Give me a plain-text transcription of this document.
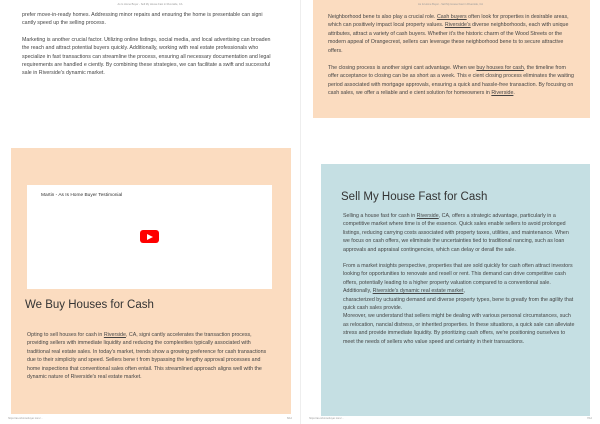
As Is Home Buyer - Sell My House Fast in Riverside, CA

prefer move-in-ready homes. Addressing minor repairs and ensuring the home is presentable can signi cantly speed up the selling process.

Marketing is another crucial factor. Utilizing online listings, social media, and local advertising can broaden the reach and attract potential buyers quickly. Additionally, working with real estate professionals who specialize in fast transactions can streamline the process, ensuring all necessary documentation and legal requirements are handled e ciently. By combining these strategies, we can facilitate a swift and successful sale in Riverside's dynamic market.

Martin - As Is Home Buyer Testimonial
We Buy Houses for Cash

Opting to sell houses for cash in Riverside, CA, signi cantly accelerates the transaction process, providing sellers with immediate liquidity and reducing the complexities typically associated with traditional real estate sales. In today's market, trends show a growing preference for cash transactions due to their simplicity and speed. Sellers bene t from bypassing the lengthy approval processes and home inspections that conventional sales often entail. This streamlined approach aligns well with the dynamic nature of Riverside's real estate market.

https://as-ishomebuyer.com/...	6/12
As Is Home Buyer - Sell My House Fast in Riverside, CA
https://as-ishomebuyer.com/...	7/12

Neighborhood bene ts also play a crucial role. Cash buyers often look for properties in desirable areas, which can positively impact local property values. Riverside's diverse neighborhoods, each with unique attributes, attract a variety of cash buyers. Whether it's the historic charm of the Wood Streets or the modern appeal of Orangecrest, sellers can leverage these neighborhood bene ts to secure attractive offers.

The closing process is another signi cant advantage. When we buy houses for cash, the timeline from offer acceptance to closing can be as short as a week. This e cient closing process eliminates the waiting period associated with mortgage approvals, ensuring a quick and hassle-free transaction. By focusing on cash sales, we offer a reliable and e cient solution for homeowners in Riverside.

Sell My House Fast for Cash

Selling a house fast for cash in Riverside, CA, offers a strategic advantage, particularly in a competitive market where time is of the essence. Quick sales enable sellers to avoid prolonged listings, reducing carrying costs associated with property taxes, utilities, and maintenance. When we focus on cash offers, we eliminate the uncertainties tied to traditional nancing, such as loan approvals and appraisal contingencies, which can delay or derail the sale.

From a market insights perspective, properties that are sold quickly for cash often attract investors looking for opportunities to renovate and resell or rent. This demand can drive competitive cash offers, potentially leading to a higher property valuation compared to a conventional sale. Additionally, Riverside's dynamic real estate market,

characterized by uctuating demand and diverse property types, bene ts greatly from the agility that quick cash sales provide.

Moreover, we understand that sellers might be dealing with various personal circumstances, such as relocation, nancial distress, or inherited properties. In these situations, a quick sale can alleviate stress and provide immediate liquidity. By prioritizing cash offers, we're positioning ourselves to meet the needs of sellers who value speed and certainty in their transactions.
